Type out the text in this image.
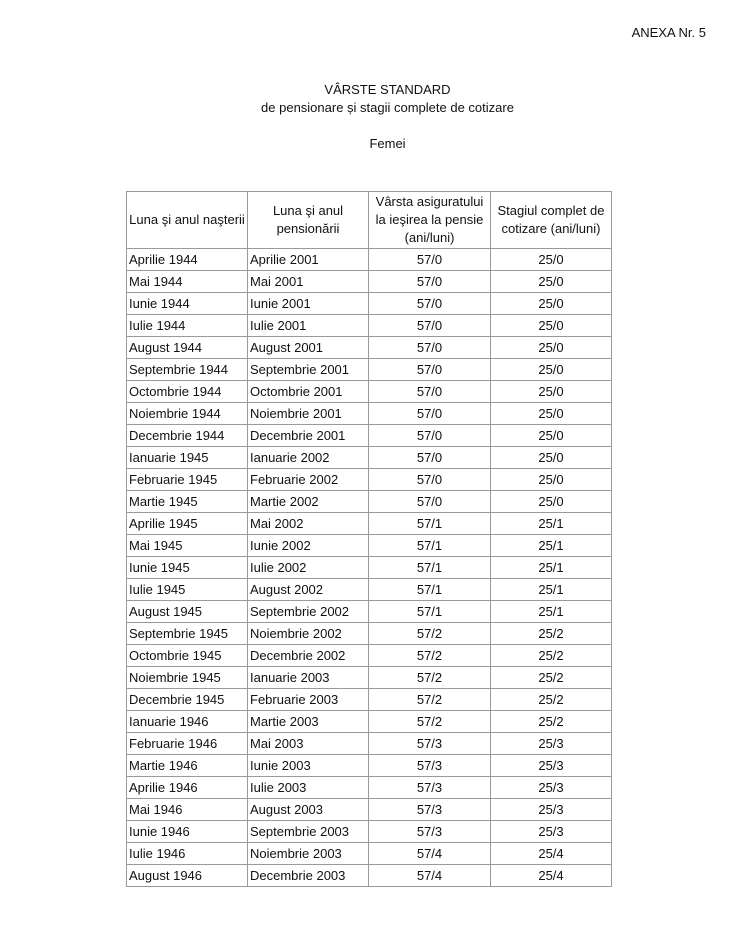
ANEXA Nr. 5
VÂRSTE STANDARD
de pensionare și stagii complete de cotizare
Femei
Luna şi anul naşterii	Luna şi anul pensionării	Vârsta asiguratului la ieşirea la pensie (ani/luni)	Stagiul complet de cotizare (ani/luni)
Aprilie 1944	Aprilie 2001	57/0	25/0
Mai 1944	Mai 2001	57/0	25/0
Iunie 1944	Iunie 2001	57/0	25/0
Iulie 1944	Iulie 2001	57/0	25/0
August 1944	August 2001	57/0	25/0
Septembrie 1944	Septembrie 2001	57/0	25/0
Octombrie 1944	Octombrie 2001	57/0	25/0
Noiembrie 1944	Noiembrie 2001	57/0	25/0
Decembrie 1944	Decembrie 2001	57/0	25/0
Ianuarie 1945	Ianuarie 2002	57/0	25/0
Februarie 1945	Februarie 2002	57/0	25/0
Martie 1945	Martie 2002	57/0	25/0
Aprilie 1945	Mai 2002	57/1	25/1
Mai 1945	Iunie 2002	57/1	25/1
Iunie 1945	Iulie 2002	57/1	25/1
Iulie 1945	August 2002	57/1	25/1
August 1945	Septembrie 2002	57/1	25/1
Septembrie 1945	Noiembrie 2002	57/2	25/2
Octombrie 1945	Decembrie 2002	57/2	25/2
Noiembrie 1945	Ianuarie 2003	57/2	25/2
Decembrie 1945	Februarie 2003	57/2	25/2
Ianuarie 1946	Martie 2003	57/2	25/2
Februarie 1946	Mai 2003	57/3	25/3
Martie 1946	Iunie 2003	57/3	25/3
Aprilie 1946	Iulie 2003	57/3	25/3
Mai 1946	August 2003	57/3	25/3
Iunie 1946	Septembrie 2003	57/3	25/3
Iulie 1946	Noiembrie 2003	57/4	25/4
August 1946	Decembrie 2003	57/4	25/4
